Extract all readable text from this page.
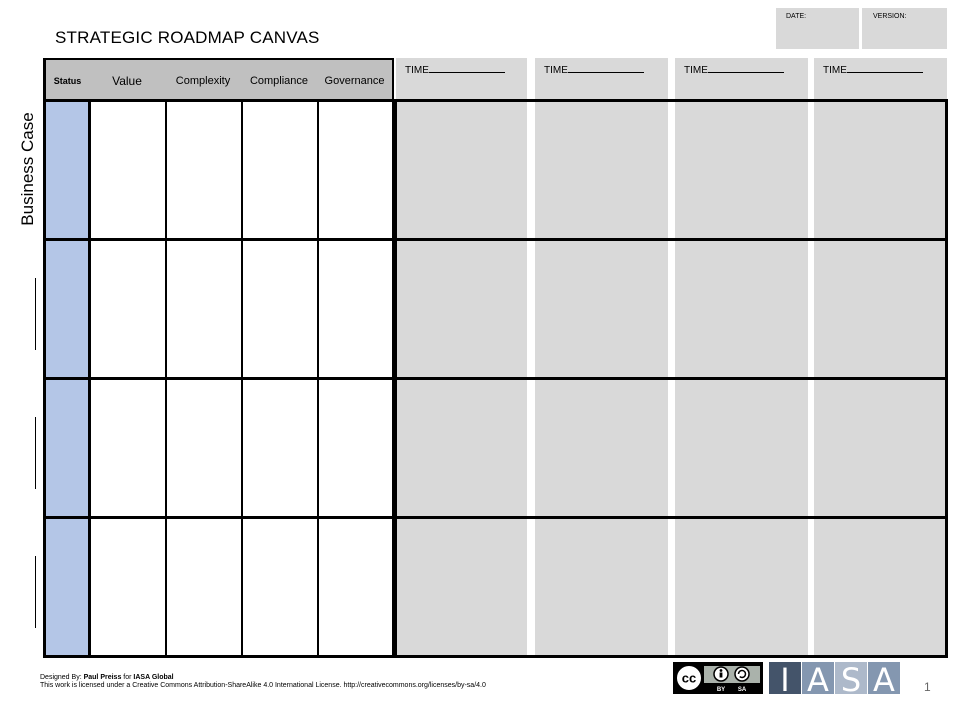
STRATEGIC ROADMAP CANVAS
DATE:	VERSION:
Status	Value	Complexity	Compliance	Governance
TIME	TIME	TIME	TIME
Business Case
Designed By: Paul Preiss for IASA Global
This work is licensed under a Creative Commons Attribution-ShareAlike 4.0 International License. http://creativecommons.org/licenses/by-sa/4.0	cc
BY SA	I A S A	1
